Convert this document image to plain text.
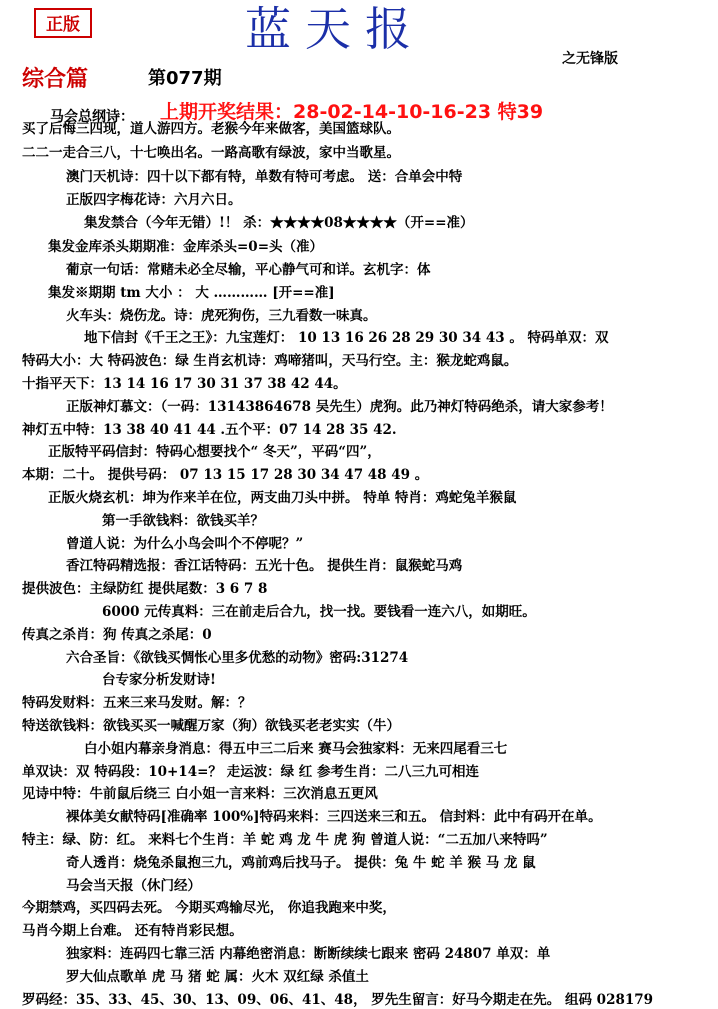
正版	蓝天报
之无锋版
综合篇	第077期
马会总纲诗： 上期开奖结果：28-02-14-10-16-23 特39
买了后悔三四现，道人游四方。老猴今年来做客，美国篮球队。
二二一走合三八，十七唤出名。一路高歌有绿波，家中当歌星。
澳门天机诗：四十以下都有特，单数有特可考虑。 送：合单会中特
正版四字梅花诗：六月六日。
集发禁合（今年无错）!！ 杀：★★★★08★★★★（开==准）
集发金库杀头期期准：金库杀头=0=头（准）
葡京一句话：常赌未必全尽输，平心静气可和详。玄机字：体
集发※期期 tm 大小 ： 大 ………… [开==准]
火车头：烧伤龙。诗：虎死狗伤，三九看数一味真。
地下信封《千王之王》：九宝莲灯： 10 13 16 26 28 29 30 34 43 。 特码单双：双
特码大小：大 特码波色：绿 生肖玄机诗：鸡啼猪叫，天马行空。主：猴龙蛇鸡鼠。
十指平天下：13 14 16 17 30 31 37 38 42 44。
正版神灯慕文：（一码：13143864678 吴先生）虎狗。此乃神灯特码绝杀，请大家参考！
神灯五中特：13 38 40 41 44 .五个平：07 14 28 35 42.
正版特平码信封：特码心想要找个“ 冬天”，平码“四”，
本期：二十。 提供号码： 07 13 15 17 28 30 34 47 48 49 。
正版火烧玄机：坤为作来羊在位，两支曲刀头中拼。 特单 特肖：鸡蛇兔羊猴鼠
第一手欲钱料：欲钱买羊？
曾道人说：为什么小鸟会叫个不停呢？”
香江特码精选报：香江话特码：五光十色。 提供生肖：鼠猴蛇马鸡
提供波色：主绿防红 提供尾数：3 6 7 8
6000 元传真料：三在前走后合九，找一找。要钱看一连六八，如期旺。
传真之杀肖：狗 传真之杀尾：0
六合圣旨：《欲钱买惆怅心里多优愁的动物》密码:31274
台专家分析发财诗!
特码发财料：五来三来马发财。解：？
特送欲钱料：欲钱买买一喊醒万家（狗）欲钱买老老实实（牛）
白小姐内幕亲身消息：得五中三二后来 赛马会独家料：无来四尾看三七
单双诀：双 特码段：10+14=？ 走运波：绿 红 参考生肖：二八三九可相连
见诗中特：牛前鼠后绕三 白小姐一言来料：三次消息五更风
裸体美女献特码[准确率 100%]特码来料：三四送来三和五。 信封料：此中有码开在单。
特主：绿、防：红。 来料七个生肖：羊 蛇 鸡 龙 牛 虎 狗 曾道人说：“二五加八来特吗”
奇人透肖：烧兔杀鼠抱三九，鸡前鸡后找马子。 提供：兔 牛 蛇 羊 猴 马 龙 鼠
马会当天报（休门经）
今期禁鸡，买四码去死。 今期买鸡输尽光， 你追我跑来中奖，
马肖今期上台难。 还有特肖彩民想。
独家料：连码四七靠三活 内幕绝密消息：断断续续七跟来 密码 24807 单双：单
罗大仙点歌单 虎 马 猪 蛇 属：火木 双红绿 杀值土
罗码经：35、33、45、30、13、09、06、41、48， 罗先生留言：好马今期走在先。 组码 028179
